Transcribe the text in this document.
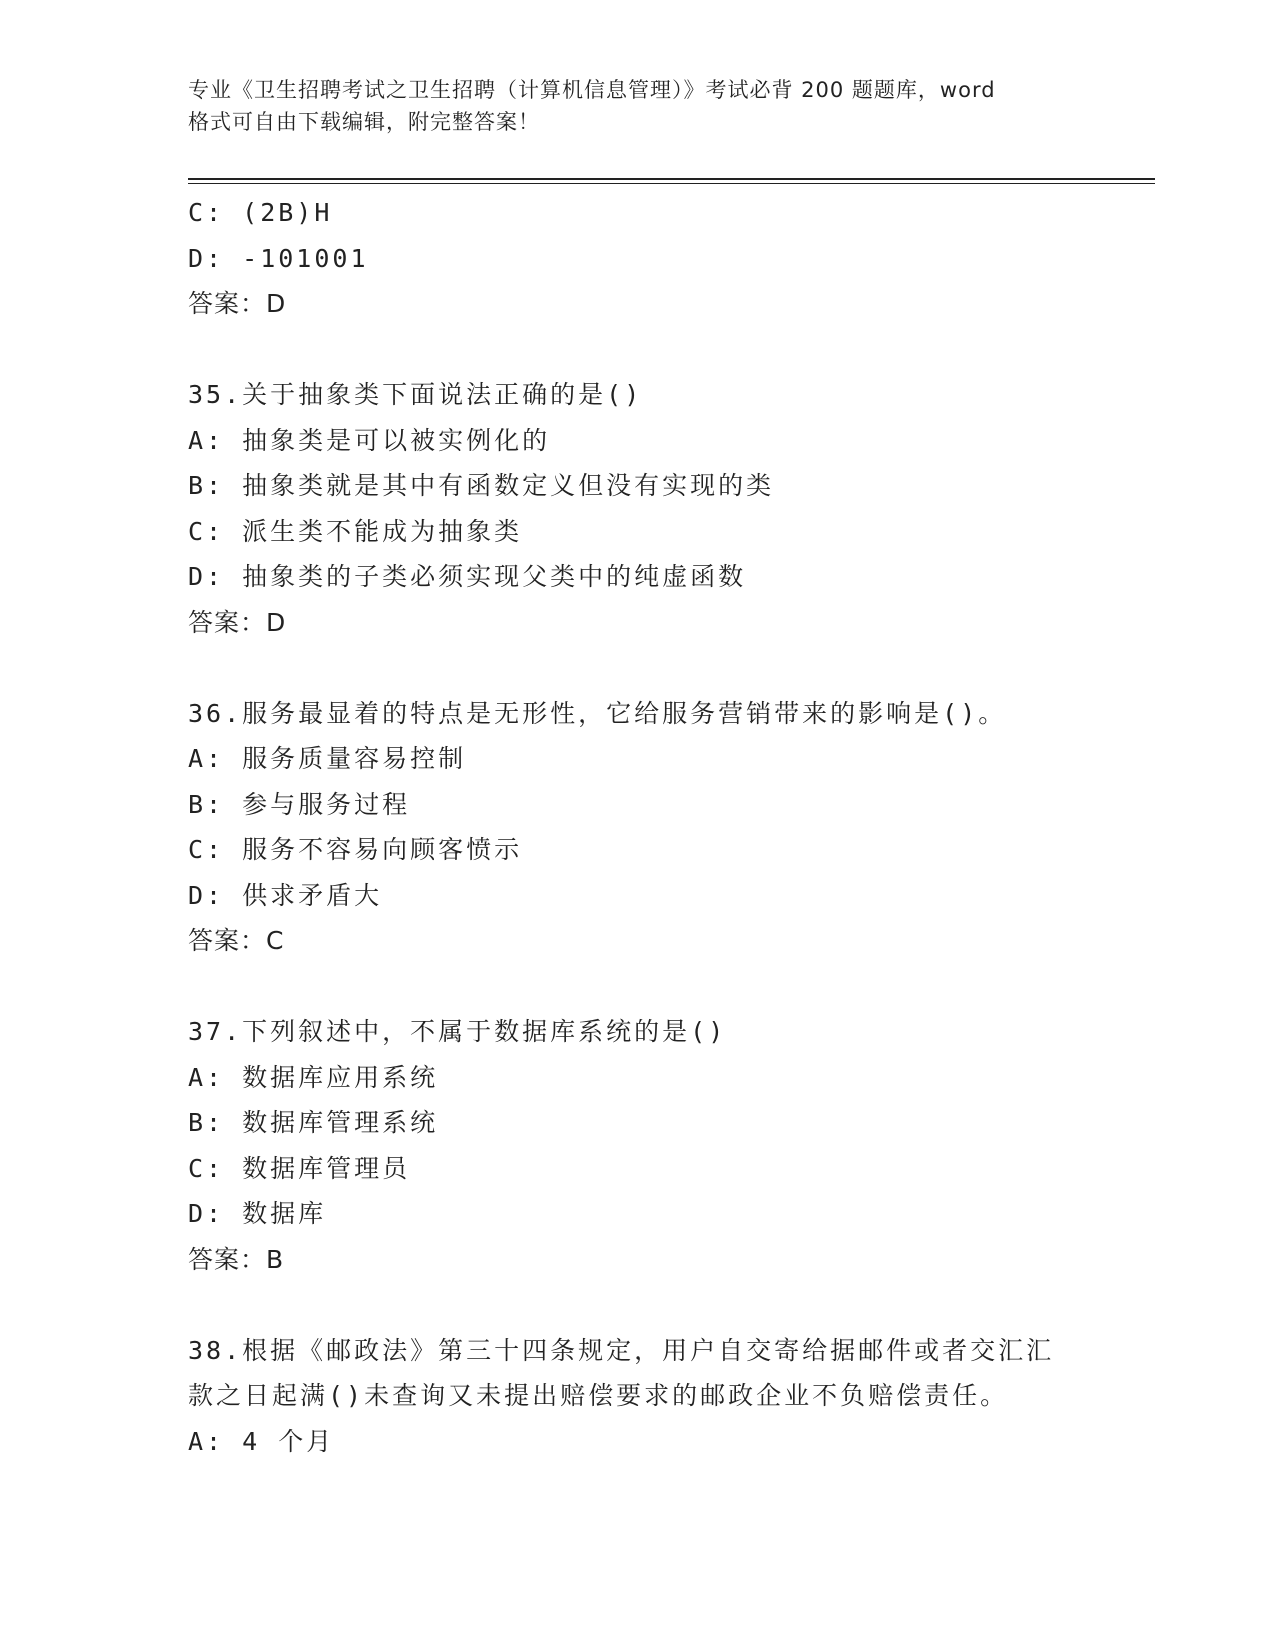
专业《卫生招聘考试之卫生招聘（计算机信息管理）》考试必背 200 题题库，word
格式可自由下载编辑，附完整答案！
C: (2B)H
D: -101001
答案：D
35.关于抽象类下面说法正确的是()
A: 抽象类是可以被实例化的
B: 抽象类就是其中有函数定义但没有实现的类
C: 派生类不能成为抽象类
D: 抽象类的子类必须实现父类中的纯虚函数
答案：D
36.服务最显着的特点是无形性，它给服务营销带来的影响是()。
A: 服务质量容易控制
B: 参与服务过程
C: 服务不容易向顾客愤示
D: 供求矛盾大
答案：C
37.下列叙述中，不属于数据库系统的是()
A: 数据库应用系统
B: 数据库管理系统
C: 数据库管理员
D: 数据库
答案：B
38.根据《邮政法》第三十四条规定，用户自交寄给据邮件或者交汇汇
款之日起满()未查询又未提出赔偿要求的邮政企业不负赔偿责任。
A: 4 个月
